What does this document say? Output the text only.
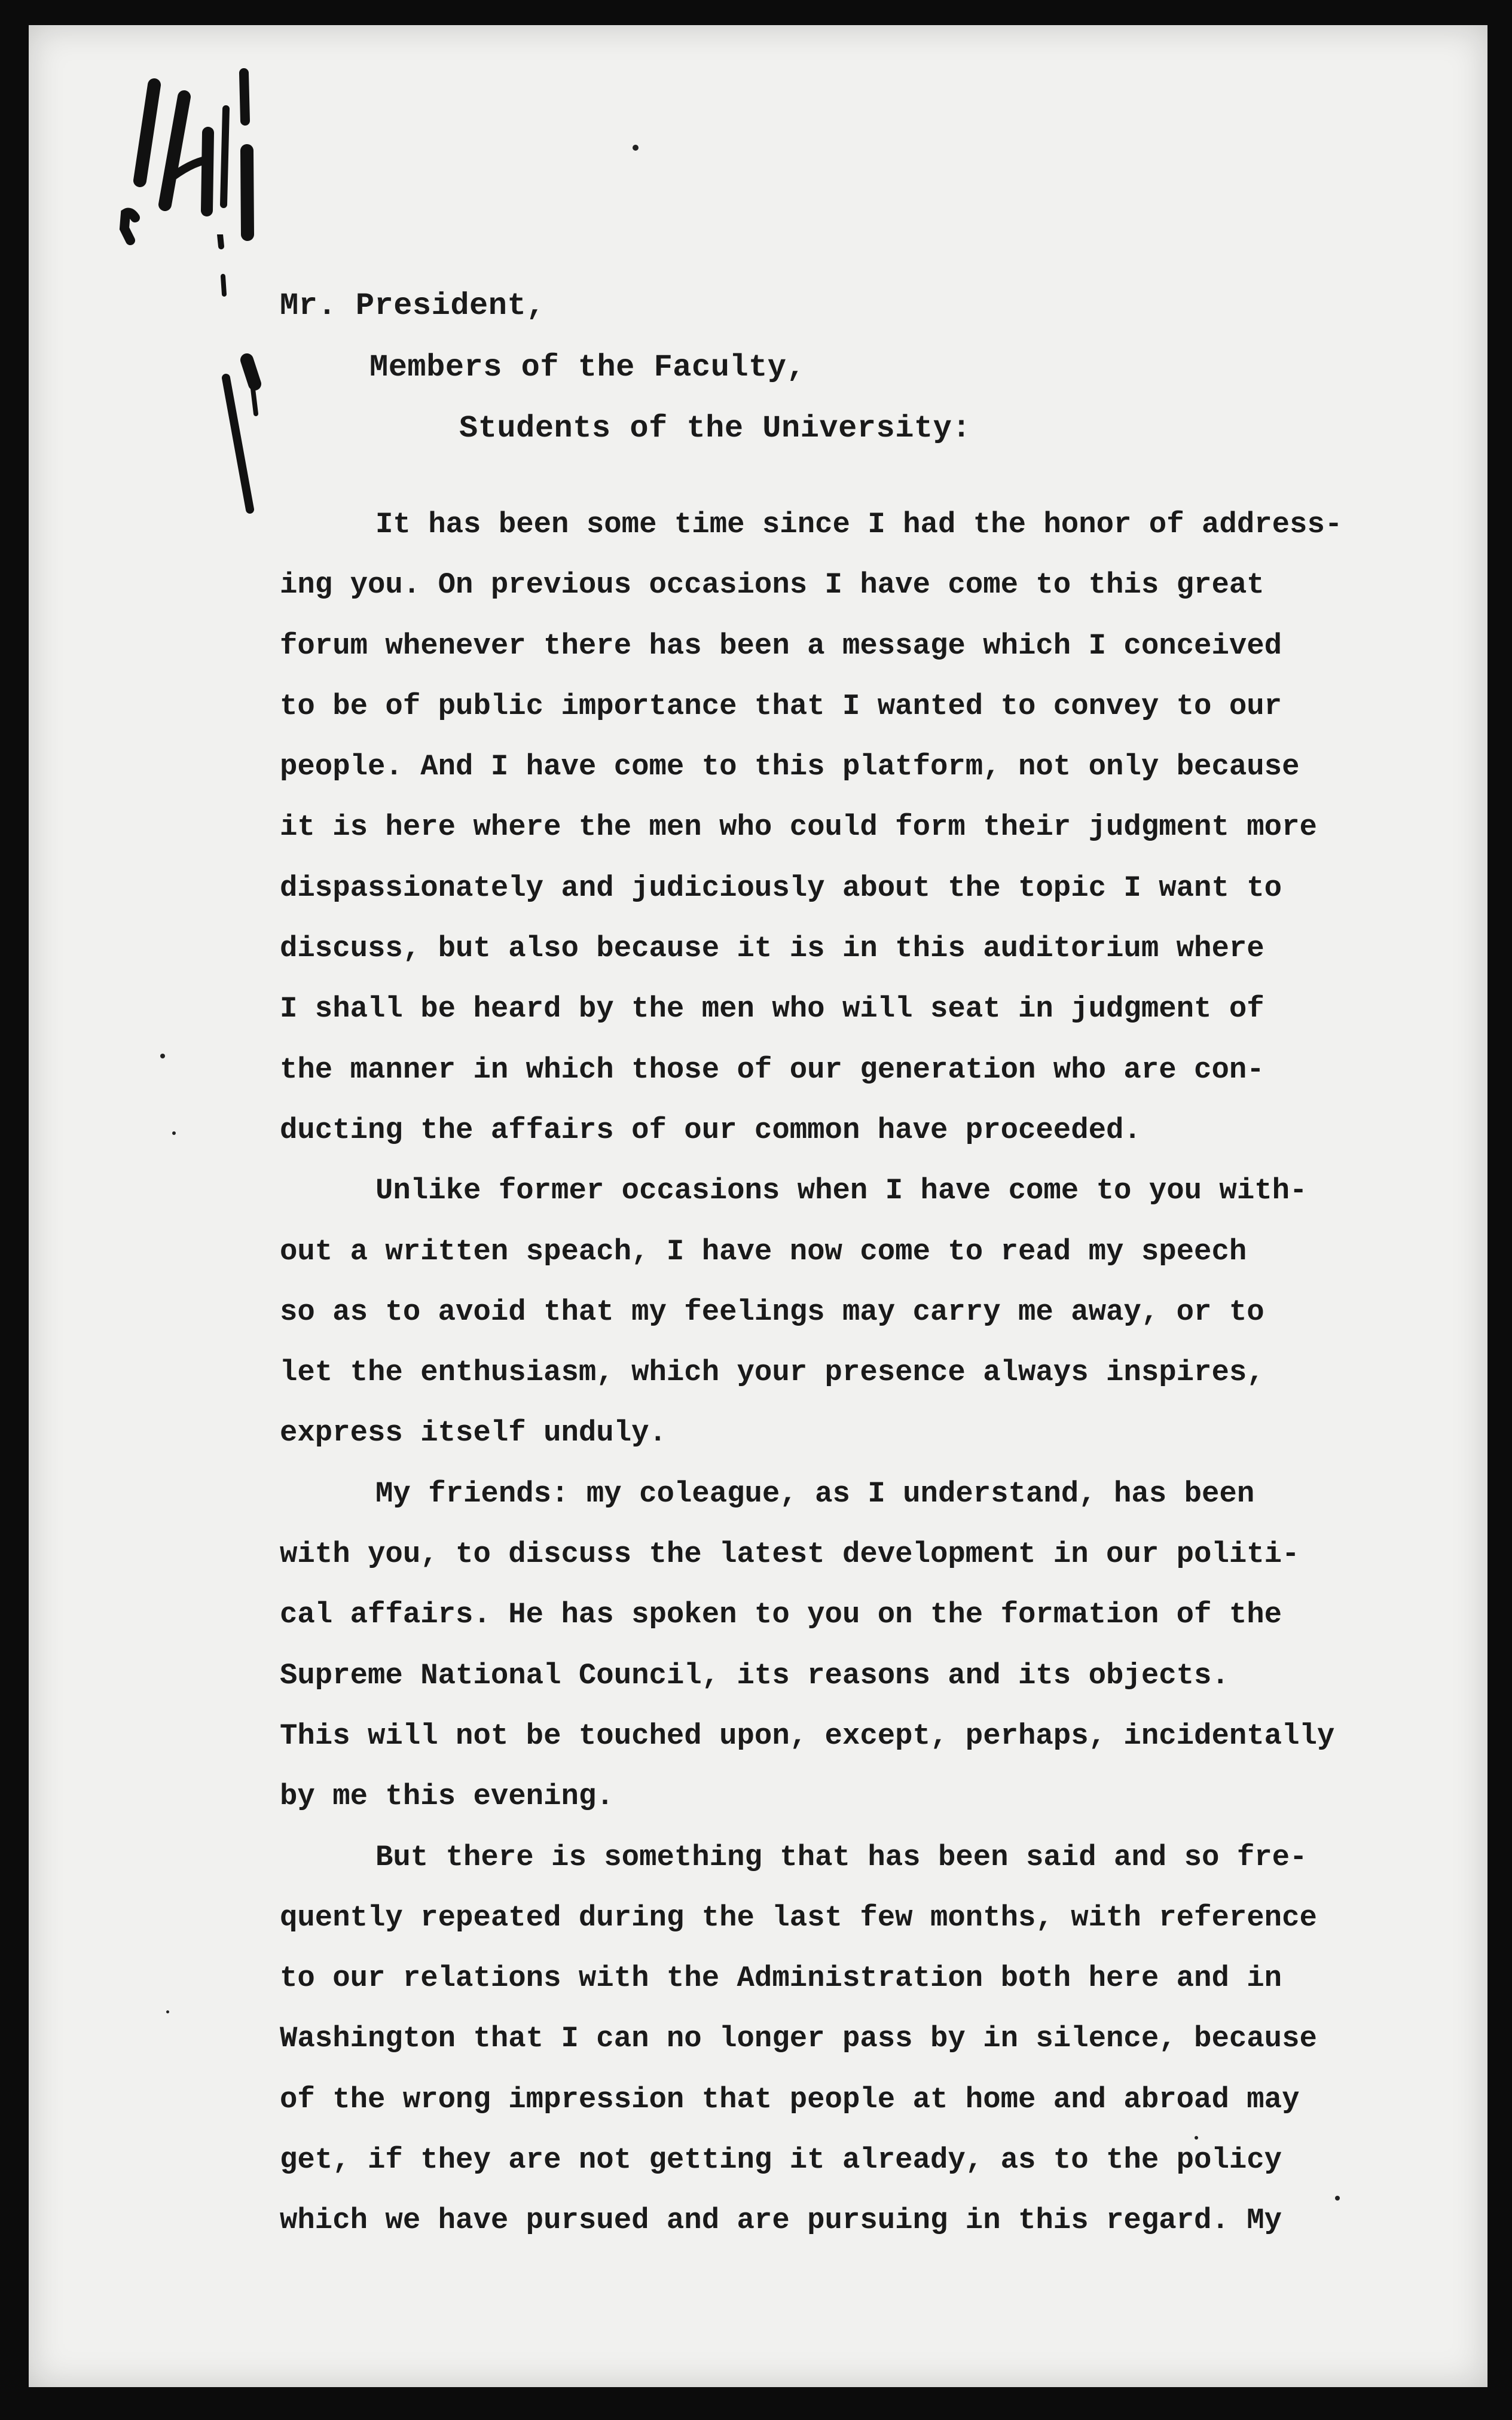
Mr. President,
Members of the Faculty,
Students of the University:
It has been some time since I had the honor of address-
ing you. On previous occasions I have come to this great
forum whenever there has been a message which I conceived
to be of public importance that I wanted to convey to our
people. And I have come to this platform, not only because
it is here where the men who could form their judgment more
dispassionately and judiciously about the topic I want to
discuss, but also because it is in this auditorium where
I shall be heard by the men who will seat in judgment of
the manner in which those of our generation who are con-
ducting the affairs of our common have proceeded.
Unlike former occasions when I have come to you with-
out a written speach, I have now come to read my speech
so as to avoid that my feelings may carry me away, or to
let the enthusiasm, which your presence always inspires,
express itself unduly.
My friends: my coleague, as I understand, has been
with you, to discuss the latest development in our politi-
cal affairs. He has spoken to you on the formation of the
Supreme National Council, its reasons and its objects.
This will not be touched upon, except, perhaps, incidentally
by me this evening.
But there is something that has been said and so fre-
quently repeated during the last few months, with reference
to our relations with the Administration both here and in
Washington that I can no longer pass by in silence, because
of the wrong impression that people at home and abroad may
get, if they are not getting it already, as to the policy
which we have pursued and are pursuing in this regard. My
